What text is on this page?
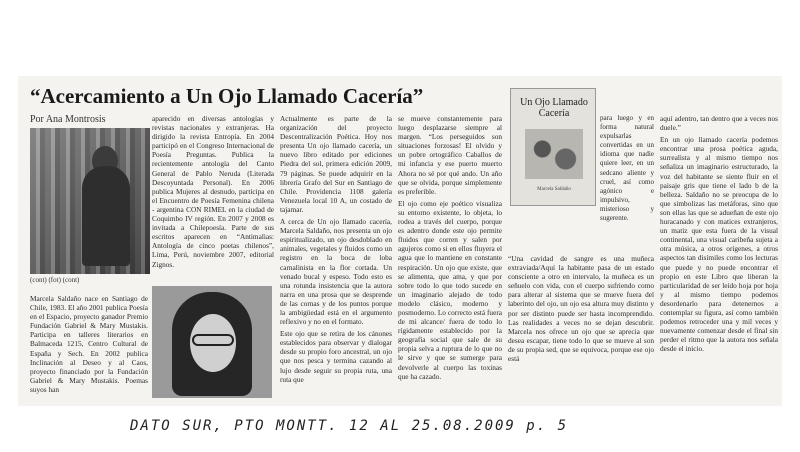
“Acercamiento a Un Ojo Llamado Cacería”
Por Ana Montrosis
(cont) (fot) (cont)

Marcela Saldaño nace en Santiago de Chile, 1983. El año 2001 publica Poesía en el Espacio, proyecto ganador Premio Fundación Gabriel & Mary Mustakis. Participa en talleres literarios en Balmaceda 1215, Centro Cultural de España y Sech. En 2002 publica Inclinación al Deseo y al Caos, proyecto financiado por la Fundación Gabriel & Mary Mustakis. Poemas suyos han

aparecido en diversas antologías y revistas nacionales y extranjeras. Ha dirigido la revista Entropía. En 2004 participó en el Congreso Internacional de Poesía Preguntas. Publica la recientemente antología del Canto General de Pablo Neruda (Literada Descoyuntada Personal). En 2006 publica Mujeres al desnudo, participa en el Encuentro de Poesía Femenina chilena - argentina CON RIMEL en la ciudad de Coquimbo IV región. En 2007 y 2008 es invitada a Chilepoesía. Parte de sus escritos aparecen en “Antimalias: Antología de cinco poetas chilenos”, Lima, Perú, noviembre 2007, editorial Zignos.

Actualmente es parte de la organización del proyecto Descentralización Poética. Hoy nos presenta Un ojo llamado cacería, un nuevo libro editado por ediciones Piedra del sol, primera edición 2009, 79 páginas. Se puede adquirir en la librería Grafo del Sur en Santiago de Chile. Providencia 1108 galería Venezuela local 10 A, un costado de tajamar.

A cerca de Un ojo llamado cacería, Marcela Saldaño, nos presenta un ojo espiritualizado, un ojo desdoblado en animales, vegetales y fluidos como un registro en la boca de loba carnalinista en la flor cortada. Un venado bucal y espeso. Todo esto es una rotunda insistencia que la autora narra en una prosa que se desprende de las cornas y de los puntos porque la ambigüedad está en el argumento reflexivo y no en el formato.

Este ojo que se retira de los cánones establecidos para observar y dialogar desde su propio foro ancestral, un ojo que nos pesca y termina cazando al lujo desde seguir su propia ruta, una ruta que

se mueve constantemente para luego desplazarse siempre al margen. “Los perseguidos son situaciones forzosas! El olvido y un pobre ortográfico Caballos de mi infancia y ese puerto muerto Ahora no sé por qué ando. Un año que se olvida, porque simplemente es preferible.

El ojo como eje poético visualiza su entorno existente, lo objeta, lo rodea a través del cuerpo, porque es adentro donde este ojo permite fluidos que corren y salen por agujeros como si en ellos fluyera el agua que lo mantiene en constante respiración. Un ojo que existe, que se alimenta, que ama, y que por sobre todo lo que todo sucede en un imaginario alejado de todo modelo clásico, moderno y posmoderno. Lo correcto está fuera de mi alcance/ fuera de todo lo rígidamente establecido por la geografía social que sale de su propia selva a ruptura de lo que no le sirve y que se sumerge para devolverle al cuerpo las toxinas que ha cazado.

Un Ojo Llamado Cacería
Marcela Saldaño

para luego y en forma natural expulsarlas convertidas en un idioma que nadie quiere leer, en un sedcano aliente y cruel, así como agónico e impulsivo, misterioso y sugerente.

“Una cavidad de sangre es una muñeca extraviada/Aquí la habitante pasa de un estado consciente a otro en intervalo, la muñeca es un señuelo con vida, con el cuerpo sufriendo como para alterar al sistema que se mueve fuera del laberinto del ojo, un ojo esa altura muy distinto y por ser distinto puede ser hasta incomprendido. Las realidades a veces no se dejan descubrir. Marcela nos ofrece un ojo que se aprecia que desea escapar, tiene todo lo que se mueve al son de su propia sed, que se equivoca, porque ese ojo está

aquí adentro, tan dentro que a veces nos duele.”

En un ojo llamado cacería podemos encontrar una prosa poética aguda, surrealista y al mismo tiempo nos señaliza un imaginario estructurado, la voz del habitante se siente fluir en el paisaje gris que tiene el lado b de la belleza. Saldaño no se preocupa de lo que simbolizas las metáforas, sino que son ellas las que se adueñan de este ojo huracanado y con matices extranjeros, un matiz que esta fuera de la visual continental, una visual caribeña sujeta a otra música, a otros orígenes, a otros aspectos tan disímiles como los lecturas que puede y no puede encontrar el propio en este Libro que liberan la particularidad de ser leído hoja por hoja y al mismo tiempo podemos desordenarlo para detenernos a contemplar su figura, así como también podemos retroceder una y mil veces y nuevamente comenzar desde el final sin perder el ritmo que la autora nos señala desde el inicio.

DATO SUR, PTO MONTT. 12 AL 25.08.2009 p. 5
